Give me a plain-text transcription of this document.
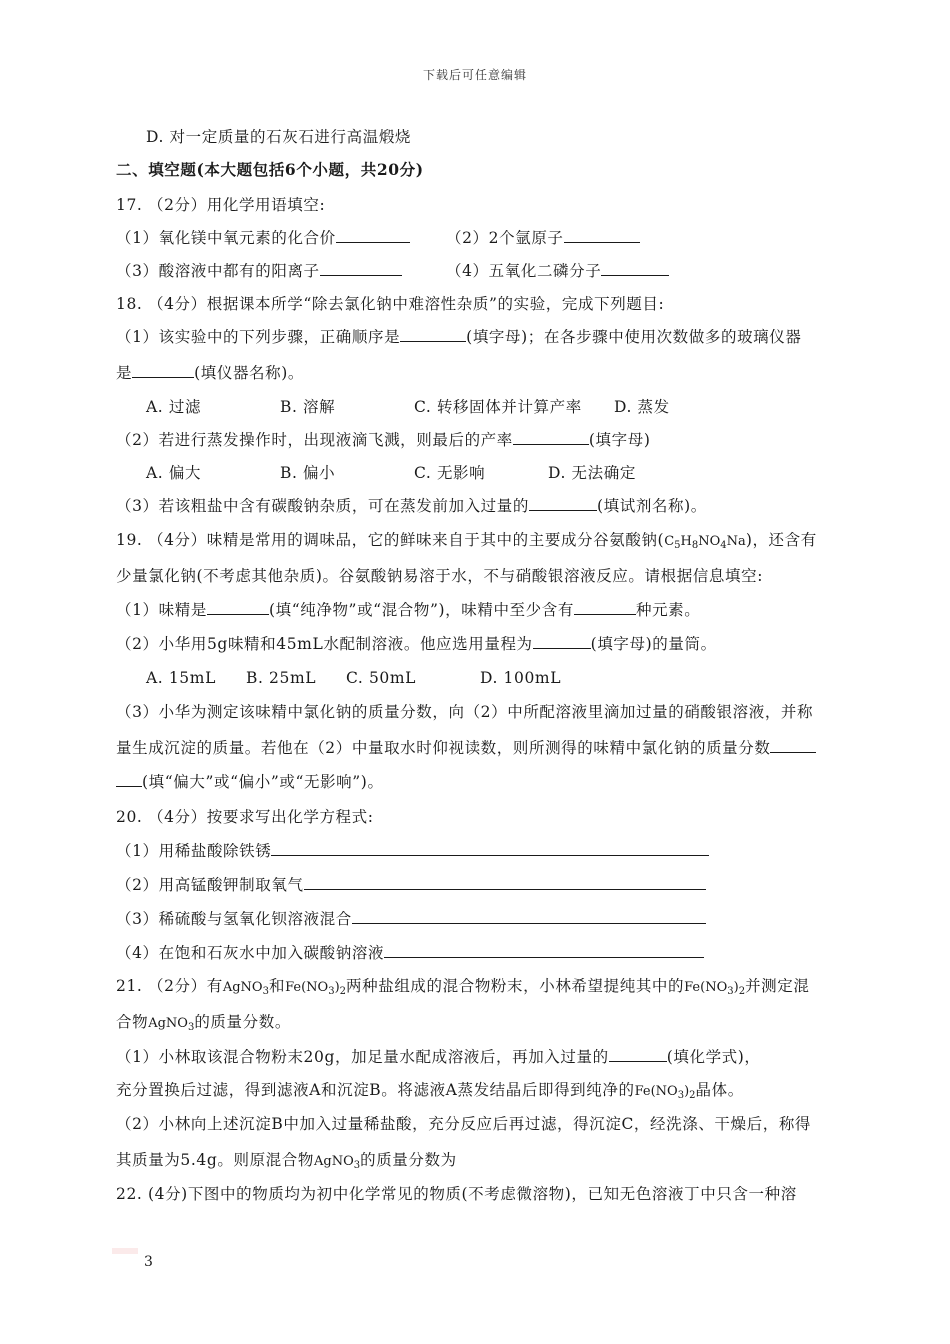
下载后可任意编辑
D. 对一定质量的石灰石进行高温煅烧
二、填空题(本大题包括6个小题，共20分)
17. （2分）用化学用语填空:
（1）氧化镁中氧元素的化合价	（2）2个氩原子
（3）酸溶液中都有的阳离子	（4）五氧化二磷分子
18. （4分）根据课本所学“除去氯化钠中难溶性杂质”的实验，完成下列题目:
（1）该实验中的下列步骤，正确顺序是	(填字母)；在各步骤中使用次数做多的玻璃仪器
是	(填仪器名称)。
A. 过滤	B. 溶解	C. 转移固体并计算产率 D. 蒸发
（2）若进行蒸发操作时，出现液滴飞溅，则最后的产率	(填字母)
A. 偏大	B. 偏小	C. 无影响	D. 无法确定
（3）若该粗盐中含有碳酸钠杂质，可在蒸发前加入过量的	(填试剂名称)。
19. （4分）味精是常用的调味品，它的鲜味来自于其中的主要成分谷氨酸钠$(C_5H_8NO_4Na)$，还含有
少量氯化钠(不考虑其他杂质)。谷氨酸钠易溶于水，不与硝酸银溶液反应。请根据信息填空:
（1）味精是	(填“纯净物”或“混合物”)，味精中至少含有	种元素。
（2）小华用5g味精和45mL水配制溶液。他应选用量程为	(填字母)的量筒。
A. 15mL B. 25mL C. 50mL	D. 100mL
（3）小华为测定该味精中氯化钠的质量分数，向（2）中所配溶液里滴加过量的硝酸银溶液，并称
量生成沉淀的质量。若他在（2）中量取水时仰视读数，则所测得的味精中氯化钠的质量分数
(填“偏大”或“偏小”或“无影响”)。
20. （4分）按要求写出化学方程式:
（1）用稀盐酸除铁锈
（2）用高锰酸钾制取氧气
（3）稀硫酸与氢氧化钡溶液混合
（4）在饱和石灰水中加入碳酸钠溶液
21. （2分）有AgNO$_3$和$Fe(NO_3)_2$两种盐组成的混合物粉末，小林希望提纯其中的$Fe(NO_3)_2$并测定混
合物AgNO$_3$的质量分数。
（1）小林取该混合物粉末20g，加足量水配成溶液后，再加入过量的	(填化学式)，
充分置换后过滤，得到滤液A和沉淀B。将滤液A蒸发结晶后即得到纯净的$Fe(NO_3)_2$晶体。
（2）小林向上述沉淀B中加入过量稀盐酸，充分反应后再过滤，得沉淀C，经洗涤、干燥后，称得
其质量为5.4g。则原混合物AgNO$_3$的质量分数为
22. (4分)下图中的物质均为初中化学常见的物质(不考虑微溶物)，已知无色溶液丁中只含一种溶
3
